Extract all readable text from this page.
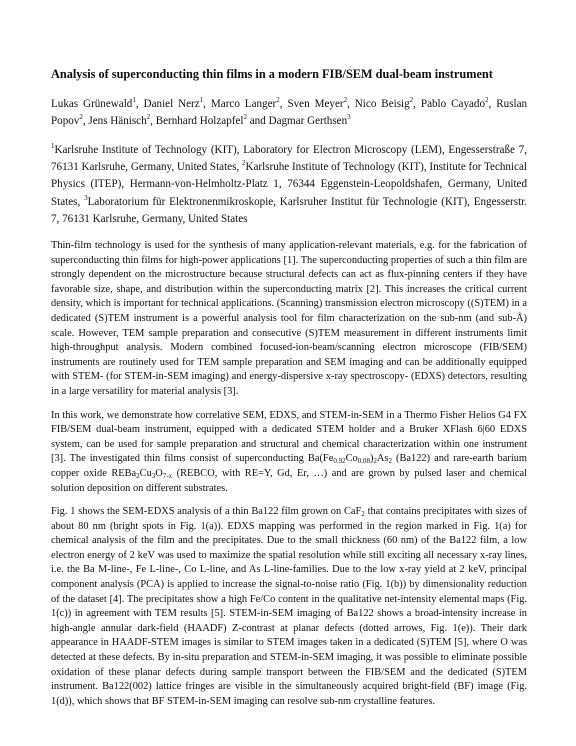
Analysis of superconducting thin films in a modern FIB/SEM dual-beam instrument
Lukas Grünewald$^1$, Daniel Nerz$^1$, Marco Langer$^2$, Sven Meyer$^2$, Nico Beisig$^2$, Pablo Cayado$^2$, Ruslan Popov$^2$, Jens Hänisch$^2$, Bernhard Holzapfel$^2$ and Dagmar Gerthsen$^3$
$^1$Karlsruhe Institute of Technology (KIT), Laboratory for Electron Microscopy (LEM), Engesserstraße 7, 76131 Karlsruhe, Germany, United States, $^2$Karlsruhe Institute of Technology (KIT), Institute for Technical Physics (ITEP), Hermann-von-Helmholtz-Platz 1, 76344 Eggenstein-Leopoldshafen, Germany, United States, $^3$Laboratorium für Elektronenmikroskopie, Karlsruher Institut für Technologie (KIT), Engesserstr. 7, 76131 Karlsruhe, Germany, United States

Thin-film technology is used for the synthesis of many application-relevant materials, e.g. for the fabrication of superconducting thin films for high-power applications [1]. The superconducting properties of such a thin film are strongly dependent on the microstructure because structural defects can act as flux-pinning centers if they have favorable size, shape, and distribution within the superconducting matrix [2]. This increases the critical current density, which is important for technical applications. (Scanning) transmission electron microscopy ((S)TEM) in a dedicated (S)TEM instrument is a powerful analysis tool for film characterization on the sub-nm (and sub-Å) scale. However, TEM sample preparation and consecutive (S)TEM measurement in different instruments limit high-throughput analysis. Modern combined focused-ion-beam/scanning electron microscope (FIB/SEM) instruments are routinely used for TEM sample preparation and SEM imaging and can be additionally equipped with STEM- (for STEM-in-SEM imaging) and energy-dispersive x-ray spectroscopy- (EDXS) detectors, resulting in a large versatility for material analysis [3].

In this work, we demonstrate how correlative SEM, EDXS, and STEM-in-SEM in a Thermo Fisher Helios G4 FX FIB/SEM dual-beam instrument, equipped with a dedicated STEM holder and a Bruker XFlash 6|60 EDXS system, can be used for sample preparation and structural and chemical characterization within one instrument [3]. The investigated thin films consist of superconducting $Ba(Fe_{0.92}Co_{0.08})_2As_2$ (Ba122) and rare-earth barium copper oxide $REBa_2Cu_3O_{7-x}$ (REBCO, with RE=Y, Gd, Er, …) and are grown by pulsed laser and chemical solution deposition on different substrates.

Fig. 1 shows the SEM-EDXS analysis of a thin Ba122 film grown on CaF$_2$ that contains precipitates with sizes of about 80 nm (bright spots in Fig. 1(a)). EDXS mapping was performed in the region marked in Fig. 1(a) for chemical analysis of the film and the precipitates. Due to the small thickness (60 nm) of the Ba122 film, a low electron energy of 2 keV was used to maximize the spatial resolution while still exciting all necessary x-ray lines, i.e. the Ba M-line-, Fe L-line-, Co L-line, and As L-line-families. Due to the low x-ray yield at 2 keV, principal component analysis (PCA) is applied to increase the signal-to-noise ratio (Fig. 1(b)) by dimensionality reduction of the dataset [4]. The precipitates show a high Fe/Co content in the qualitative net-intensity elemental maps (Fig. 1(c)) in agreement with TEM results [5]. STEM-in-SEM imaging of Ba122 shows a broad-intensity increase in high-angle annular dark-field (HAADF) Z-contrast at planar defects (dotted arrows, Fig. 1(e)). Their dark appearance in HAADF-STEM images is similar to STEM images taken in a dedicated (S)TEM [5], where O was detected at these defects. By in-situ preparation and STEM-in-SEM imaging, it was possible to eliminate possible oxidation of these planar defects during sample transport between the FIB/SEM and the dedicated (S)TEM instrument. Ba122(002) lattice fringes are visible in the simultaneously acquired bright-field (BF) image (Fig. 1(d)), which shows that BF STEM-in-SEM imaging can resolve sub-nm crystalline features.
